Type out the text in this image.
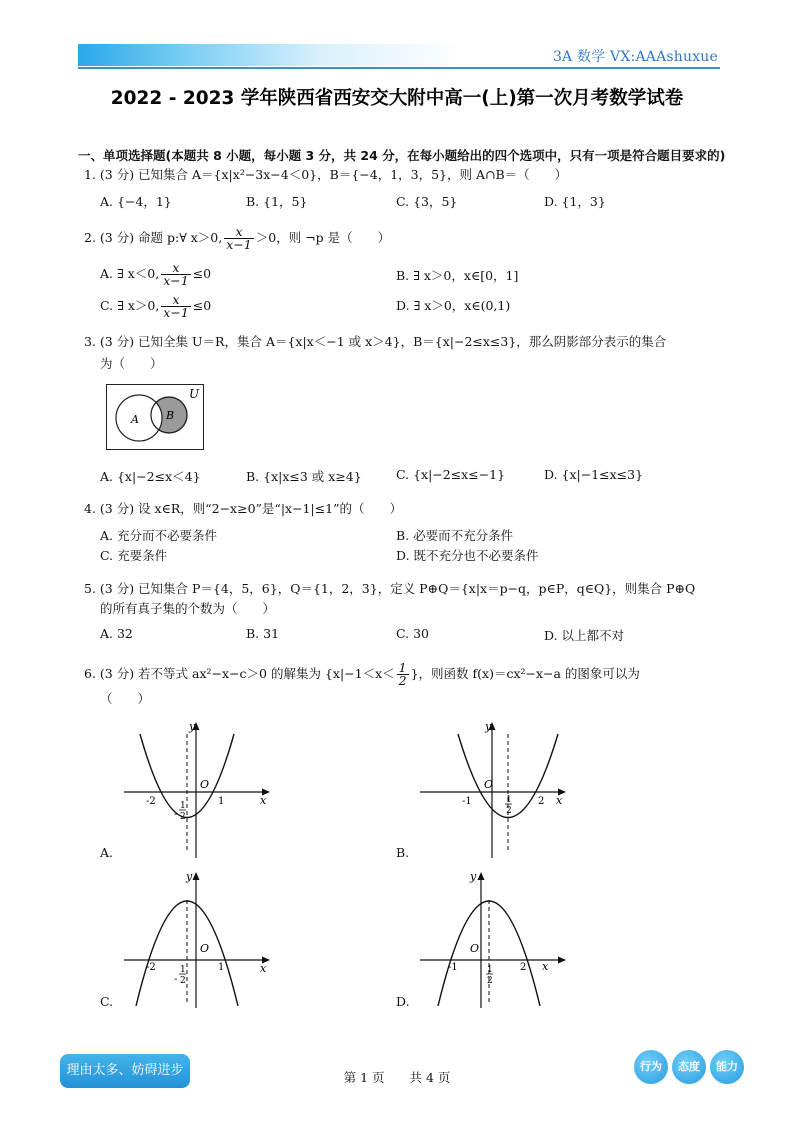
3A 数学 VX:AAAshuxue
2022 - 2023 学年陕西省西安交大附中高一(上)第一次月考数学试卷
一、单项选择题(本题共 8 小题，每小题 3 分，共 24 分，在每小题给出的四个选项中，只有一项是符合题目要求的)
1. (3 分) 已知集合 A＝{x|x²−3x−4＜0}，B＝{−4，1，3，5}，则 A∩B＝（　　）
A. {−4，1}	B. {1，5}	C. {3，5}	D. {1，3}
2. (3 分) 命题 p:∀ x＞0, $\frac{x}{x-1} >0$，则 ¬p 是（　　）
A. ∃ x＜0, $\frac{x}{x-1} \le 0$	B. ∃ x＞0，x∈[0，1]
C. ∃ x＞0, $\frac{x}{x-1} \le 0$	D. ∃ x＞0，x∈(0,1)
3. (3 分) 已知全集 U＝R，集合 A＝{x|x＜−1 或 x＞4}，B＝{x|−2≤x≤3}，那么阴影部分表示的集合
为（　　）
A B
U
A. {x|−2≤x＜4}	B. {x|x≤3 或 x≥4}	C. {x|−2≤x≤−1}	D. {x|−1≤x≤3}
4. (3 分) 设 x∈R，则“2−x≥0”是“|x−1|≤1”的（　　）
A. 充分而不必要条件	B. 必要而不充分条件
C. 充要条件	D. 既不充分也不必要条件
5. (3 分) 已知集合 P＝{4，5，6}，Q＝{1，2，3}，定义 P⊕Q＝{x|x＝p−q，p∈P，q∈Q}，则集合 P⊕Q
的所有真子集的个数为（　　）
A. 32	B. 31	C. 30	D. 以上都不对
6. (3 分) 若不等式 ax²−x−c＞0 的解集为 {$x|-1<x< \frac{1}{2}$ }，则函数 f(x)＝cx²−x−a 的图象可以为
（　　）
y
x
O
-2	1
-
1
2
A.
y
x
O
-1	2
1
2
B.
y
x
O
-2	1
-
1
2
C.
y
x
O
-1	2
1
2
D.
理由太多、妨碍进步	第 1 页　　共 4 页
行为	态度	能力
